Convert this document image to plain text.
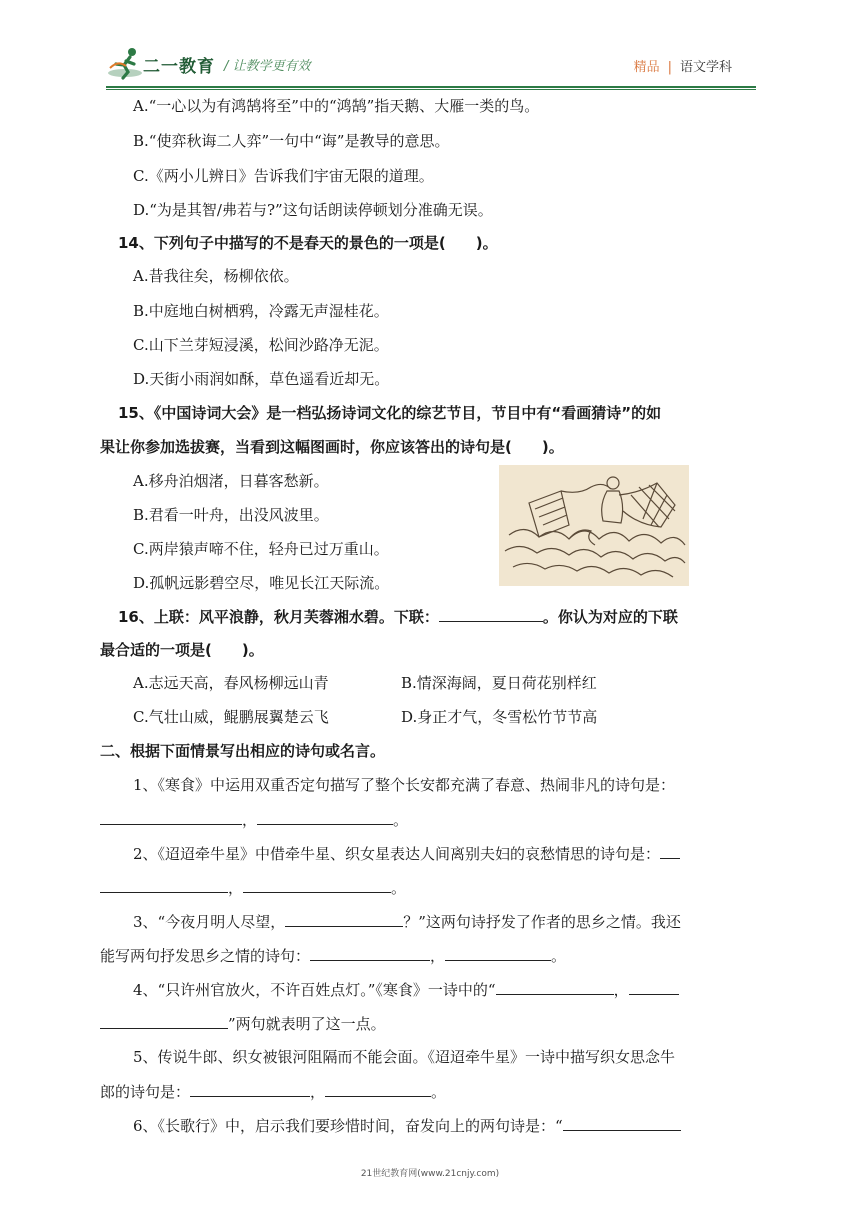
二一教育 / 让教学更有效	精品 | 语文学科
A.“一心以为有鸿鹄将至”中的“鸿鹄”指天鹅、大雁一类的鸟。
B.“使弈秋诲二人弈”一句中“诲”是教导的意思。
C.《两小儿辨日》告诉我们宇宙无限的道理。
D.“为是其智/弗若与?”这句话朗读停顿划分准确无误。
14、下列句子中描写的不是春天的景色的一项是(　　)。
A.昔我往矣，杨柳依依。
B.中庭地白树栖鸦，冷露无声湿桂花。
C.山下兰芽短浸溪，松间沙路净无泥。
D.天街小雨润如酥，草色遥看近却无。
15、《中国诗词大会》是一档弘扬诗词文化的综艺节目，节目中有“看画猜诗”的如
果让你参加选拔赛，当看到这幅图画时，你应该答出的诗句是(　　)。
A.移舟泊烟渚，日暮客愁新。
B.君看一叶舟，出没风波里。
C.两岸猿声啼不住，轻舟已过万重山。
D.孤帆远影碧空尽，唯见长江天际流。
16、上联：风平浪静，秋月芙蓉湘水碧。下联：	。你认为对应的下联
最合适的一项是(　　)。
A.志远天高，春风杨柳远山青	B.情深海阔，夏日荷花别样红
C.气壮山威，鲲鹏展翼楚云飞	D.身正才气，冬雪松竹节节高
二、根据下面情景写出相应的诗句或名言。
1、《寒食》中运用双重否定句描写了整个长安都充满了春意、热闹非凡的诗句是：
，	。
2、《迢迢牵牛星》中借牵牛星、织女星表达人间离别夫妇的哀愁情思的诗句是：
，	。
3、“今夜月明人尽望，	？”这两句诗抒发了作者的思乡之情。我还
能写两句抒发思乡之情的诗句：	，	。
4、“只许州官放火，不许百姓点灯。”《寒食》一诗中的“	，
”两句就表明了这一点。
5、传说牛郎、织女被银河阻隔而不能会面。《迢迢牵牛星》一诗中描写织女思念牛
郎的诗句是：	，	。
6、《长歌行》中，启示我们要珍惜时间，奋发向上的两句诗是：“
21世纪教育网(www.21cnjy.com)
